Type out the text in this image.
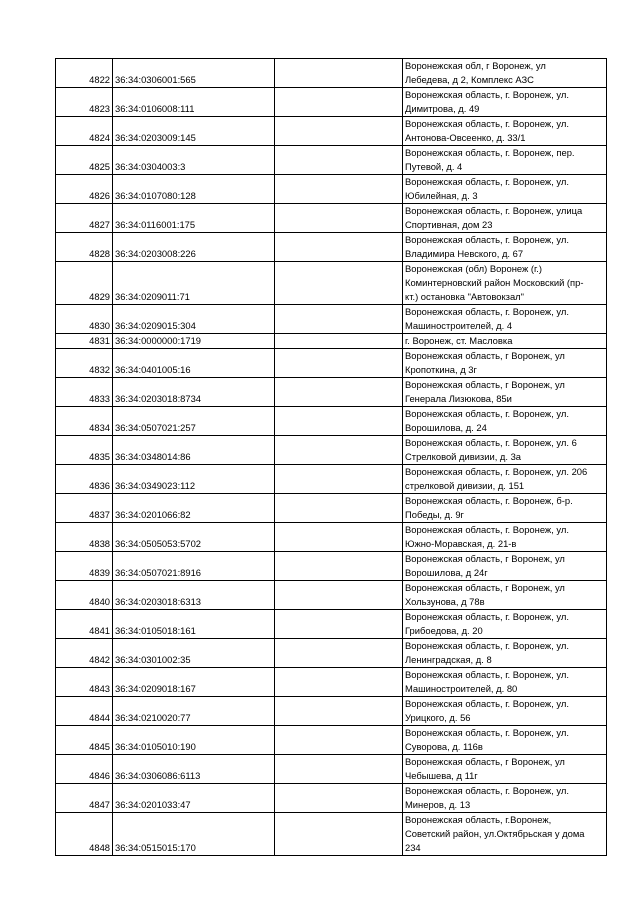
4822	36:34:0306001:565		Воронежская обл, г Воронеж, ул
Лебедева, д 2, Комплекс АЗС

4823	36:34:0106008:111		Воронежская область, г. Воронеж, ул.
Димитрова, д. 49

4824	36:34:0203009:145		Воронежская область, г. Воронеж, ул.
Антонова-Овсеенко, д. 33/1

4825	36:34:0304003:3		Воронежская область, г. Воронеж, пер.
Путевой, д. 4

4826	36:34:0107080:128		Воронежская область, г. Воронеж, ул.
Юбилейная, д. 3

4827	36:34:0116001:175		Воронежская область, г. Воронеж, улица
Спортивная, дом 23

4828	36:34:0203008:226		Воронежская область, г. Воронеж, ул.
Владимира Невского, д. 67

4829	36:34:0209011:71		Воронежская (обл) Воронеж (г.)
Коминтерновский район Московский (пр-
кт.) остановка "Автовокзал"

4830	36:34:0209015:304		Воронежская область, г. Воронеж, ул.
Машиностроителей, д. 4

4831	36:34:0000000:1719		г. Воронеж, ст. Масловка

4832	36:34:0401005:16		Воронежская область, г Воронеж, ул
Кропоткина, д 3г

4833	36:34:0203018:8734		Воронежская область, г Воронеж, ул
Генерала Лизюкова, 85и

4834	36:34:0507021:257		Воронежская область, г. Воронеж, ул.
Ворошилова, д. 24

4835	36:34:0348014:86		Воронежская область, г. Воронеж, ул. 6
Стрелковой дивизии, д. 3а

4836	36:34:0349023:112		Воронежская область, г. Воронеж, ул. 206
стрелковой дивизии, д. 151

4837	36:34:0201066:82		Воронежская область, г. Воронеж, б-р.
Победы, д. 9г

4838	36:34:0505053:5702		Воронежская область, г. Воронеж, ул.
Южно-Моравская, д. 21-в

4839	36:34:0507021:8916		Воронежская область, г Воронеж, ул
Ворошилова, д 24г

4840	36:34:0203018:6313		Воронежская область, г Воронеж, ул
Хользунова, д 78в

4841	36:34:0105018:161		Воронежская область, г. Воронеж, ул.
Грибоедова, д. 20

4842	36:34:0301002:35		Воронежская область, г. Воронеж, ул.
Ленинградская, д. 8

4843	36:34:0209018:167		Воронежская область, г. Воронеж, ул.
Машиностроителей, д. 80

4844	36:34:0210020:77		Воронежская область, г. Воронеж, ул.
Урицкого, д. 56

4845	36:34:0105010:190		Воронежская область, г. Воронеж, ул.
Суворова, д. 116в

4846	36:34:0306086:6113		Воронежская область, г Воронеж, ул
Чебышева, д 11г

4847	36:34:0201033:47		Воронежская область, г. Воронеж, ул.
Минеров, д. 13

4848	36:34:0515015:170		Воронежская область, г.Воронеж,
Советский район, ул.Октябрьская у дома
234
